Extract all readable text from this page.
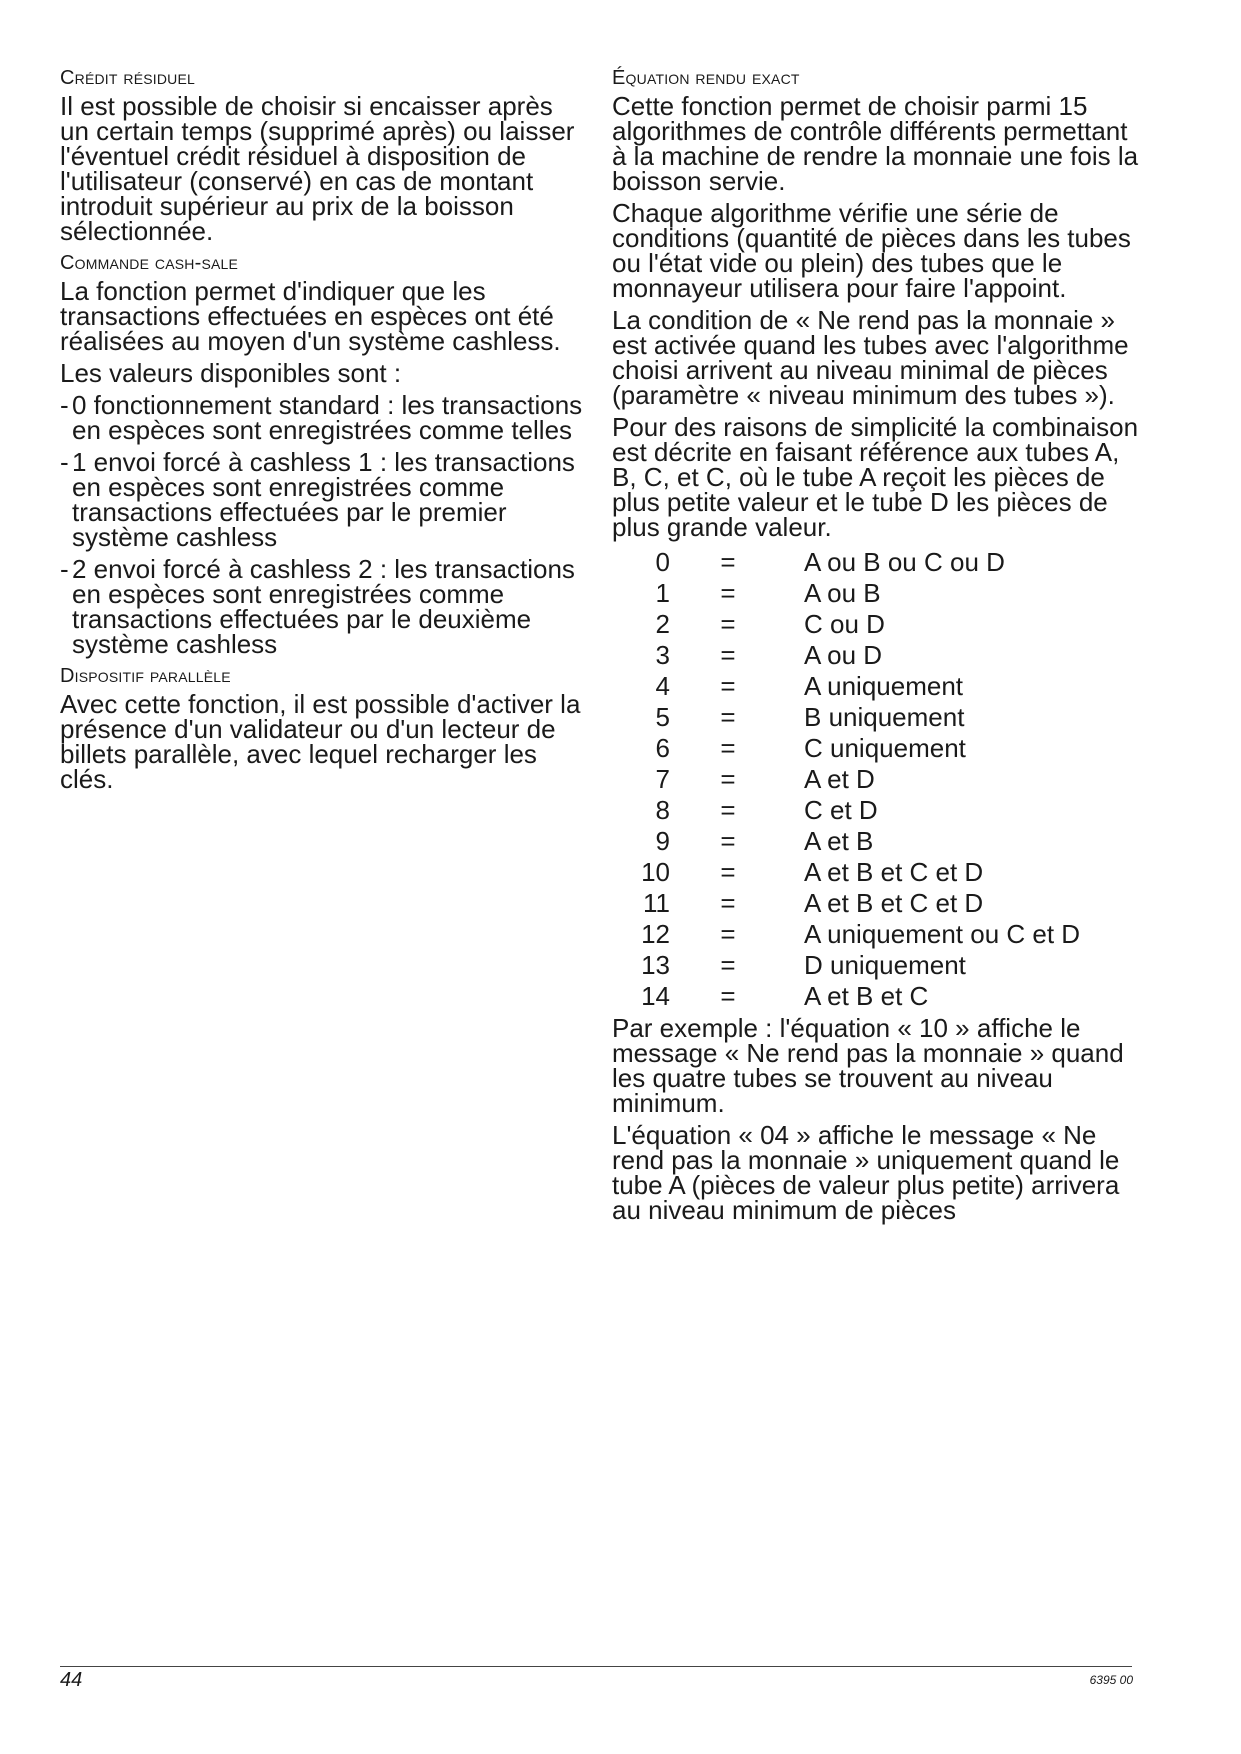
Crédit résiduel

Il est possible de choisir si encaisser après un certain temps (supprimé après) ou laisser l'éventuel crédit résiduel à disposition de l'utilisateur (conservé) en cas de montant introduit supérieur au prix de la boisson sélectionnée.

Commande cash-sale

La fonction permet d'indiquer que les transactions effectuées en espèces ont été réalisées au moyen d'un système cashless.

Les valeurs disponibles sont :

- 0 fonctionnement standard : les transactions en espèces sont enregistrées comme telles
- 1 envoi forcé à cashless 1 : les transactions en espèces sont enregistrées comme transactions effectuées par le premier système cashless
- 2 envoi forcé à cashless 2 : les transactions en espèces sont enregistrées comme transactions effectuées par le deuxième système cashless
Dispositif parallèle

Avec cette fonction, il est possible d'activer la présence d'un validateur ou d'un lecteur de billets parallèle, avec lequel recharger les clés.

Équation rendu exact

Cette fonction permet de choisir parmi 15 algorithmes de contrôle différents permettant à la machine de rendre la monnaie une fois la boisson servie.

Chaque algorithme vérifie une série de conditions (quantité de pièces dans les tubes ou l'état vide ou plein) des tubes que le monnayeur utilisera pour faire l'appoint.

La condition de « Ne rend pas la monnaie » est activée quand les tubes avec l'algorithme choisi arrivent au niveau minimal de pièces (paramètre « niveau minimum des tubes »).

Pour des raisons de simplicité la combinaison est décrite en faisant référence aux tubes A, B, C, et C, où le tube A reçoit les pièces de plus petite valeur et le tube D les pièces de plus grande valeur.

0	=	A ou B ou C ou D
1	=	A ou B
2	=	C ou D
3	=	A ou D
4	=	A uniquement
5	=	B uniquement
6	=	C uniquement
7	=	A et D
8	=	C et D
9	=	A et B
10	=	A et B et C et D
11	=	A et B et C et D
12	=	A uniquement ou C et D
13	=	D uniquement
14	=	A et B et C

Par exemple : l'équation « 10 » affiche le message « Ne rend pas la monnaie » quand les quatre tubes se trouvent au niveau minimum.

L'équation « 04 » affiche le message « Ne rend pas la monnaie » uniquement quand le tube A (pièces de valeur plus petite) arrivera au niveau minimum de pièces

44	6395 00
